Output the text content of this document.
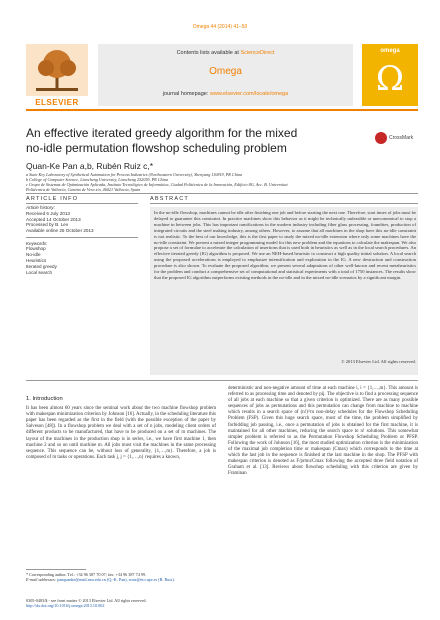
Omega 44 (2014) 41–50
ELSEVIER
Contents lists available at ScienceDirect
Omega
journal homepage: www.elsevier.com/locate/omega
omega
Ω
An effective iterated greedy algorithm for the mixed
no-idle permutation flowshop scheduling problem
CrossMark
Quan-Ke Pan a,b, Rubén Ruiz c,*
a State Key Laboratory of Synthetical Automation for Process Industries (Northeastern University), Shenyang 110819, PR China
b College of Computer Science, Liaocheng University, Liaocheng 252059, PR China
c Grupo de Sistemas de Optimización Aplicada, Instituto Tecnológico de Informática, Ciudad Politécnica de la Innovación, Edificio 8G, Acc. B. Universitat
Politècnica de València, Camino de Vera s/n, 46021 València, Spain
ARTICLE INFO	ABSTRACT
Article history:
Received 6 July 2013
Accepted 14 October 2013
Processed by B. Lev
Available online 25 October 2013
Keywords:
Flowshop
No-idle
Heuristics
Iterated greedy
Local search
In the no-idle flowshop, machines cannot be idle after finishing one job and before starting the next one. Therefore, start times of jobs must be delayed to guarantee this constraint. In practice machines show this behavior as it might be technically unfeasible or uneconomical to stop a machine in between jobs. This has important ramifications in the modern industry including fiber glass processing, foundries, production of integrated circuits and the steel making industry, among others. However, to assume that all machines in the shop have this no-idle constraint is not realistic. To the best of our knowledge, this is the first paper to study the mixed no-idle extension where only some machines have the no-idle constraint. We present a mixed integer programming model for this new problem and the equations to calculate the makespan. We also propose a set of formulae to accelerate the calculation of insertions that is used both in heuristics as well as in the local search procedures. An effective iterated greedy (IG) algorithm is proposed. We use an NEH-based heuristic to construct a high quality initial solution. A local search using the proposed accelerations is employed to emphasize intensification and exploration in the IG. A new destruction and construction procedure is also shown. To evaluate the proposed algorithm, we present several adaptations of other well-known and recent metaheuristics for the problem and conduct a comprehensive set of computational and statistical experiments with a total of 1750 instances. The results show that the proposed IG algorithm outperforms existing methods in the no-idle and in the mixed no-idle scenarios by a significant margin.
© 2013 Elsevier Ltd. All rights reserved.
1. Introduction
It has been almost 60 years since the seminal work about the two machine flowshop problem with makespan minimization criterion by Johnson [16]. Actually, in the scheduling literature this paper has been regarded as the first in the field (with the possible exception of the paper by Salveson [48]). In a flowshop problem we deal with a set of n jobs, modeling client orders of different products to be manufactured, that have to be produced on a set of m machines. The layout of the machines in the production shop is in series, i.e., we have first machine 1, then machine 2 and so on until machine m. All jobs must visit the machines in the same processing sequence. This sequence can be, without loss of generality, {1,…,m}. Therefore, a job is composed of m tasks or operations. Each task j, j = {1,…,n} requires a known,
deterministic and non-negative amount of time at each machine i, i = {1,…,m}. This amount is referred to as processing time and denoted by pij. The objective is to find a processing sequence of all jobs at each machine so that a given criterion is optimized. There are as many possible sequences of jobs as permutations and this permutation can change from machine to machine which results in a search space of (n!)^m non-delay schedules for the Flowshop Scheduling Problem (FSP). Given this huge search space, most of the time, the problem simplified by forbidding job passing, i.e., once a permutation of jobs is obtained for the first machine, it is maintained for all other machines, reducing the search space to n! solutions. This somewhat simpler problem is referred to as the Permutation Flowshop Scheduling Problem or PFSP. Following the work of Johnson [16], the most studied optimization criterion is the minimization of the maximal job completion time or makespan (Cmax) which corresponds to the time at which the last job in the sequence is finished at the last machine in the shop. The PFSP with makespan criterion is denoted as F/prmu/Cmax following the accepted three field notation of Graham et al. [13]. Reviews about flowshop scheduling with this criterion are given by Framinan
* Corresponding author. Tel.: +34 96 387 70 07; fax: +34 96 387 74 99.
E-mail addresses: panquanke@mail.neu.edu.cn (Q.-K. Pan), rruiz@eio.upv.es (R. Ruiz).
0305-0483/$ - see front matter © 2013 Elsevier Ltd. All rights reserved.
http://dx.doi.org/10.1016/j.omega.2013.10.002
